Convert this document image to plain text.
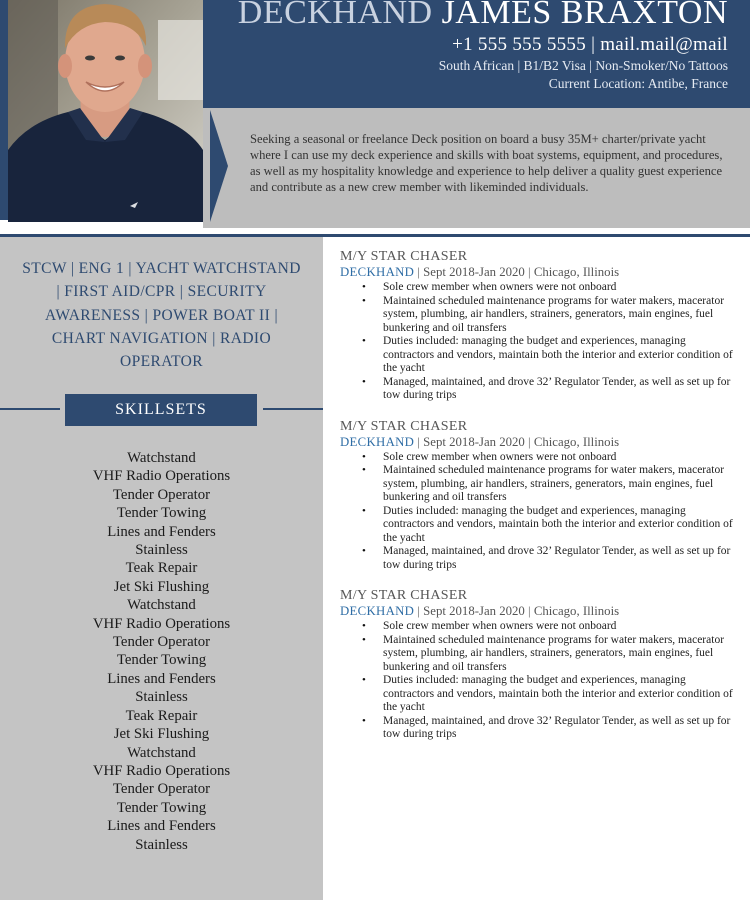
DECKHAND JAMES BRAXTON
+1 555 555 5555 | mail.mail@mail
South African | B1/B2 Visa | Non-Smoker/No Tattoos
Current Location: Antibe, France

Seeking a seasonal or freelance Deck position on board a busy 35M+ charter/private yacht where I can use my deck experience and skills with boat systems, equipment, and procedures, as well as my hospitality knowledge and experience to help deliver a quality guest experience and contribute as a new crew member with likeminded individuals.

STCW | ENG 1 | YACHT WATCHSTAND | FIRST AID/CPR | SECURITY AWARENESS | POWER BOAT II | CHART NAVIGATION | RADIO OPERATOR

SKILLSETS
Watchstand
VHF Radio Operations
Tender Operator
Tender Towing
Lines and Fenders
Stainless
Teak Repair
Jet Ski Flushing
Watchstand
VHF Radio Operations
Tender Operator
Tender Towing
Lines and Fenders
Stainless
Teak Repair
Jet Ski Flushing
Watchstand
VHF Radio Operations
Tender Operator
Tender Towing
Lines and Fenders
Stainless
M/Y STAR CHASER
DECKHAND | Sept 2018-Jan 2020 | Chicago, Illinois
• Sole crew member when owners were not onboard
• Maintained scheduled maintenance programs for water makers, macerator system, plumbing, air handlers, strainers, generators, main engines, fuel bunkering and oil transfers
• Duties included: managing the budget and experiences, managing contractors and vendors, maintain both the interior and exterior condition of the yacht
• Managed, maintained, and drove 32’ Regulator Tender, as well as set up for tow during trips
M/Y STAR CHASER
DECKHAND | Sept 2018-Jan 2020 | Chicago, Illinois
• Sole crew member when owners were not onboard
• Maintained scheduled maintenance programs for water makers, macerator system, plumbing, air handlers, strainers, generators, main engines, fuel bunkering and oil transfers
• Duties included: managing the budget and experiences, managing contractors and vendors, maintain both the interior and exterior condition of the yacht
• Managed, maintained, and drove 32’ Regulator Tender, as well as set up for tow during trips
M/Y STAR CHASER
DECKHAND | Sept 2018-Jan 2020 | Chicago, Illinois
• Sole crew member when owners were not onboard
• Maintained scheduled maintenance programs for water makers, macerator system, plumbing, air handlers, strainers, generators, main engines, fuel bunkering and oil transfers
• Duties included: managing the budget and experiences, managing contractors and vendors, maintain both the interior and exterior condition of the yacht
• Managed, maintained, and drove 32’ Regulator Tender, as well as set up for tow during trips
